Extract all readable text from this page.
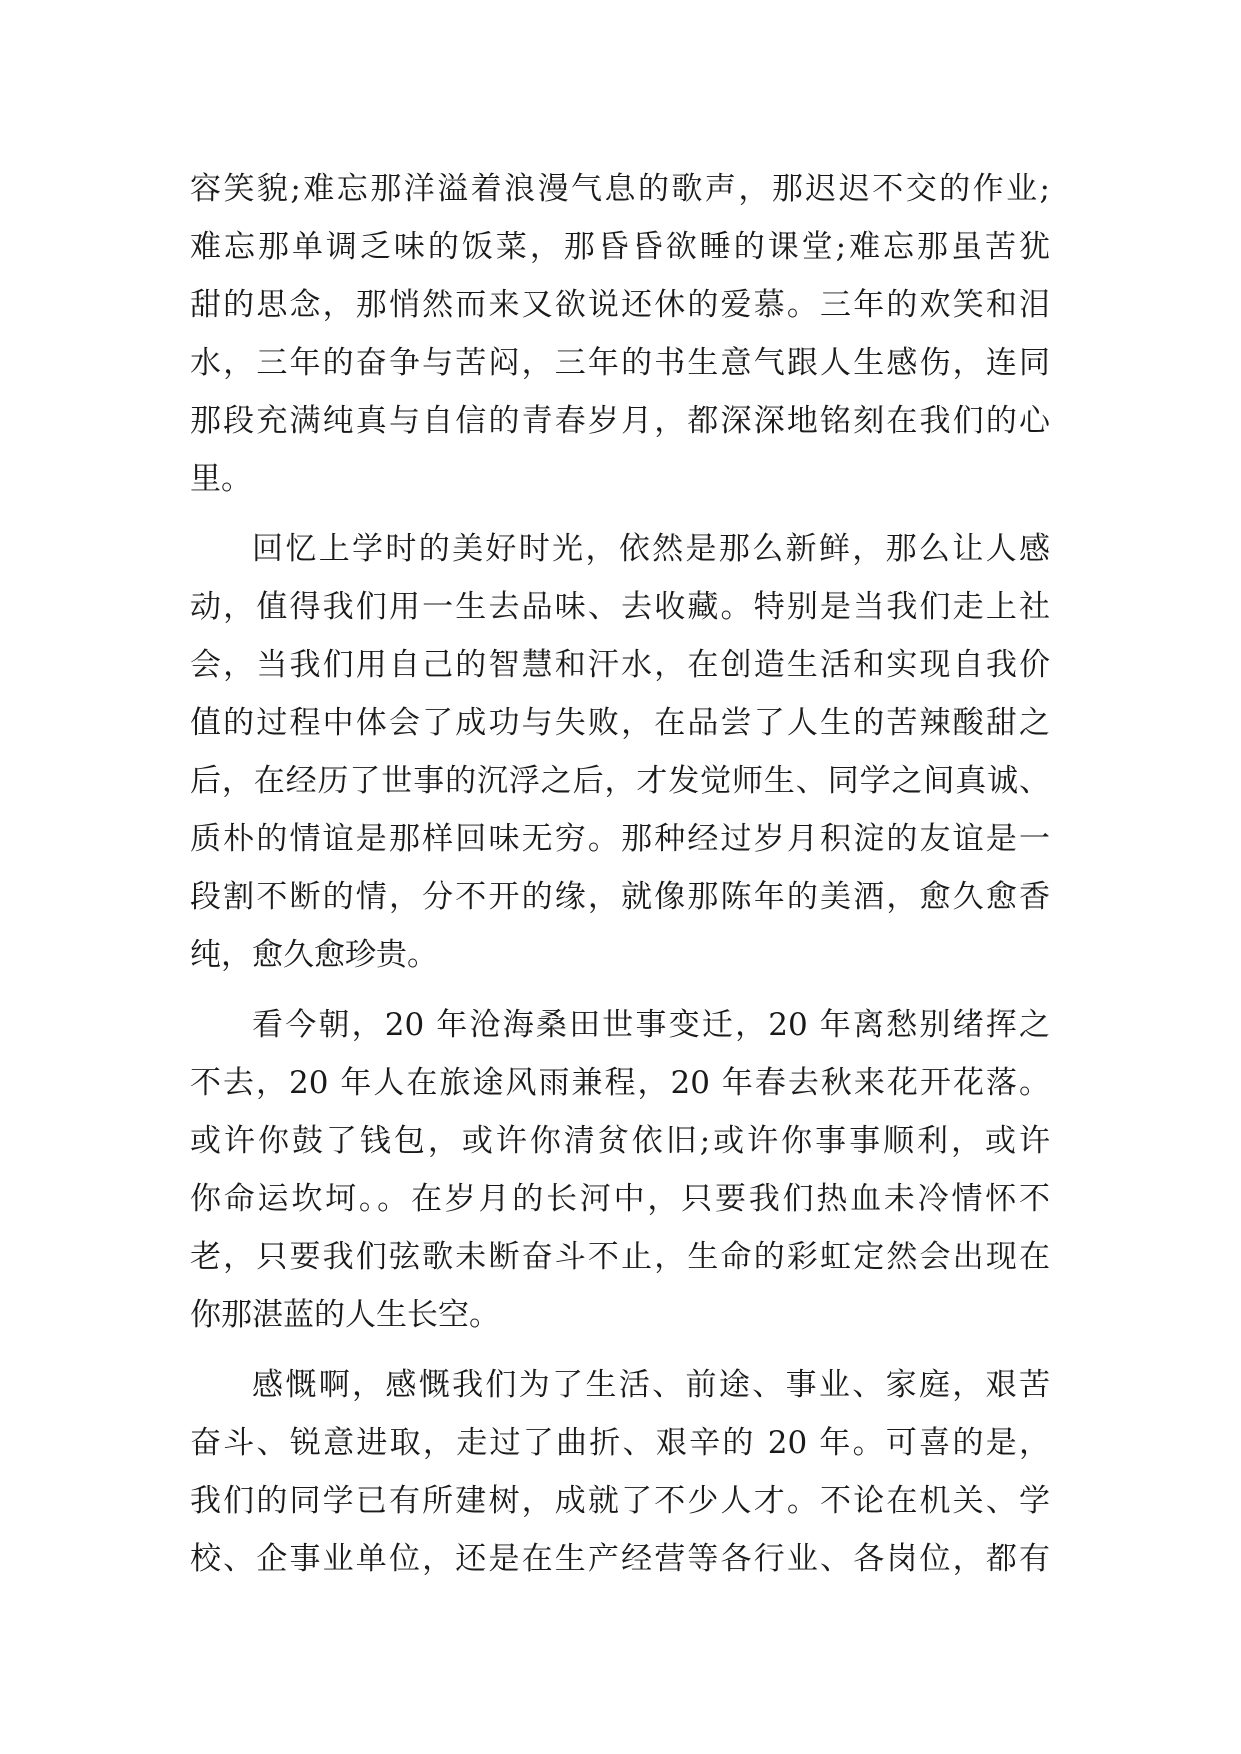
容笑貌;难忘那洋溢着浪漫气息的歌声，那迟迟不交的作业;
难忘那单调乏味的饭菜，那昏昏欲睡的课堂;难忘那虽苦犹
甜的思念，那悄然而来又欲说还休的爱慕。三年的欢笑和泪
水，三年的奋争与苦闷，三年的书生意气跟人生感伤，连同
那段充满纯真与自信的青春岁月，都深深地铭刻在我们的心
里。
回忆上学时的美好时光，依然是那么新鲜，那么让人感
动，值得我们用一生去品味、去收藏。特别是当我们走上社
会，当我们用自己的智慧和汗水，在创造生活和实现自我价
值的过程中体会了成功与失败，在品尝了人生的苦辣酸甜之
后，在经历了世事的沉浮之后，才发觉师生、同学之间真诚、
质朴的情谊是那样回味无穷。那种经过岁月积淀的友谊是一
段割不断的情，分不开的缘，就像那陈年的美酒，愈久愈香
纯，愈久愈珍贵。
看今朝，20 年沧海桑田世事变迁，20 年离愁别绪挥之
不去，20 年人在旅途风雨兼程，20 年春去秋来花开花落。
或许你鼓了钱包，或许你清贫依旧;或许你事事顺利，或许
你命运坎坷。。在岁月的长河中，只要我们热血未冷情怀不
老，只要我们弦歌未断奋斗不止，生命的彩虹定然会出现在
你那湛蓝的人生长空。
感慨啊，感慨我们为了生活、前途、事业、家庭，艰苦
奋斗、锐意进取，走过了曲折、艰辛的 20 年。可喜的是，
我们的同学已有所建树，成就了不少人才。不论在机关、学
校、企事业单位，还是在生产经营等各行业、各岗位，都有
